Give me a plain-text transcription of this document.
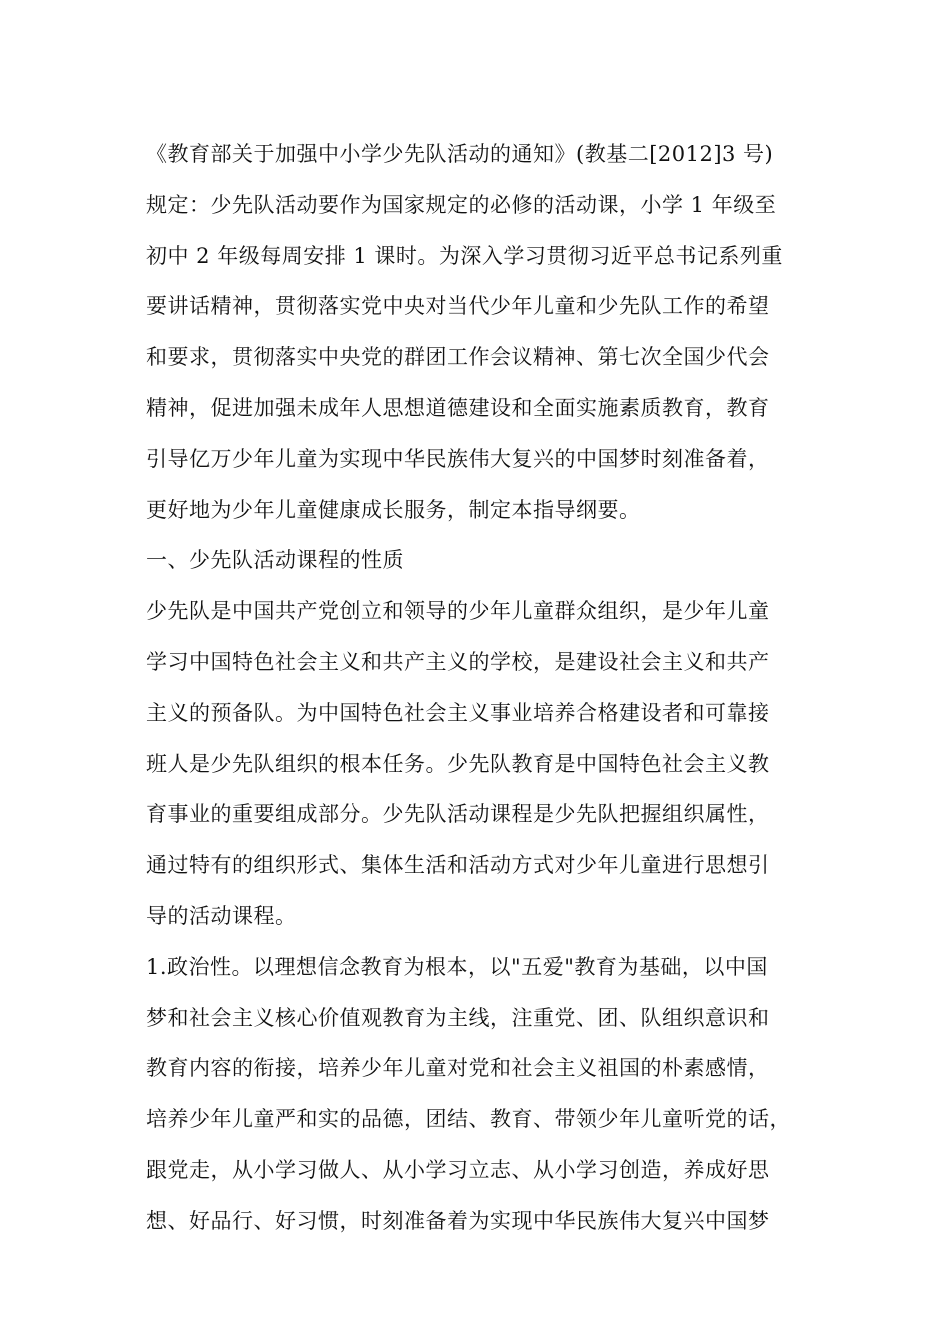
《教育部关于加强中小学少先队活动的通知》(教基二[2012]3 号)
规定：少先队活动要作为国家规定的必修的活动课，小学 1 年级至
初中 2 年级每周安排 1 课时。为深入学习贯彻习近平总书记系列重
要讲话精神，贯彻落实党中央对当代少年儿童和少先队工作的希望
和要求，贯彻落实中央党的群团工作会议精神、第七次全国少代会
精神，促进加强未成年人思想道德建设和全面实施素质教育，教育
引导亿万少年儿童为实现中华民族伟大复兴的中国梦时刻准备着，
更好地为少年儿童健康成长服务，制定本指导纲要。
一、少先队活动课程的性质
少先队是中国共产党创立和领导的少年儿童群众组织，是少年儿童
学习中国特色社会主义和共产主义的学校，是建设社会主义和共产
主义的预备队。为中国特色社会主义事业培养合格建设者和可靠接
班人是少先队组织的根本任务。少先队教育是中国特色社会主义教
育事业的重要组成部分。少先队活动课程是少先队把握组织属性，
通过特有的组织形式、集体生活和活动方式对少年儿童进行思想引
导的活动课程。
1.政治性。以理想信念教育为根本，以"五爱"教育为基础，以中国
梦和社会主义核心价值观教育为主线，注重党、团、队组织意识和
教育内容的衔接，培养少年儿童对党和社会主义祖国的朴素感情，
培养少年儿童严和实的品德，团结、教育、带领少年儿童听党的话，
跟党走，从小学习做人、从小学习立志、从小学习创造，养成好思
想、好品行、好习惯，时刻准备着为实现中华民族伟大复兴中国梦
